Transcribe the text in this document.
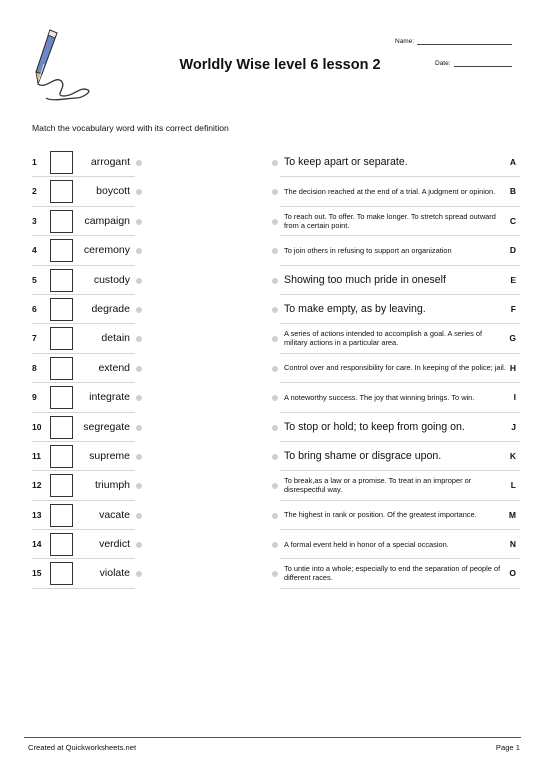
Worldly Wise level 6 lesson 2
Name:
Date:
Match the vocabulary word with its correct definition
1	arrogant	To keep apart or separate.	A
2	boycott	The decision reached at the end of a trial. A judgment or opinion.	B
3	campaign	To reach out. To offer. To make longer. To stretch spread outward from a certain point.	C
4	ceremony	To join others in refusing to support an organization	D
5	custody	Showing too much pride in oneself	E
6	degrade	To make empty, as by leaving.	F
7	detain	A series of actions intended to accomplish a goal. A series of military actions in a particular area.	G
8	extend	Control over and responsibility for care. In keeping of the police; jail. H
9	integrate	A noteworthy success. The joy that winning brings. To win.	I
10	segregate	To stop or hold; to keep from going on.	J
11	supreme	To bring shame or disgrace upon.	K
12	triumph	To break,as a law or a promise. To treat in an improper or disrespectful way.	L
13	vacate	The highest in rank or position. Of the greatest importance.	M
14	verdict	A formal event held in honor of a special occasion.	N
15	violate	To untie into a whole; especially to end the separation of people of different races.	O
Created at Quickworksheets.net	Page 1
